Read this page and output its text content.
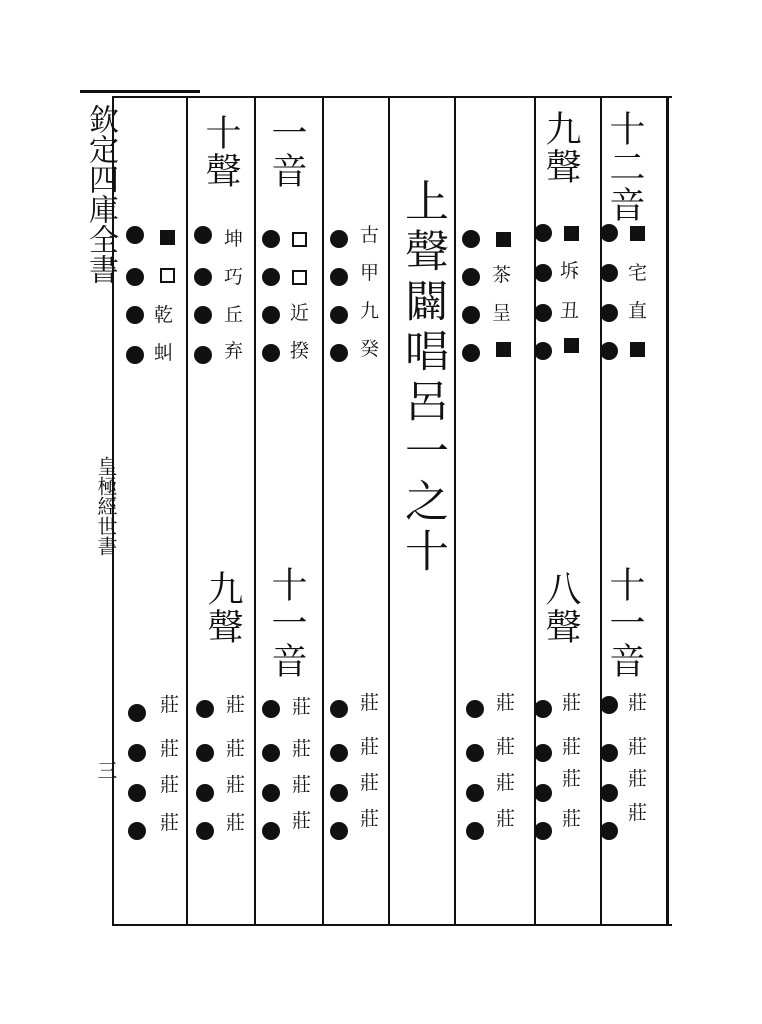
欽定四庫全書
皇極經世書
三
上聲闢唱呂一之十
十二音
十一音
宅
直
莊
莊
莊
莊
九聲
八聲
坼
丑
莊
莊
莊
莊
茶
呈
莊
莊
莊
莊
古
甲
九
癸
莊
莊
莊
莊
一音
十一音
近
揆
莊
莊
莊
莊
十聲
九聲
坤
巧
丘
弃
莊
莊
莊
莊
乾
虯
莊
莊
莊
莊
